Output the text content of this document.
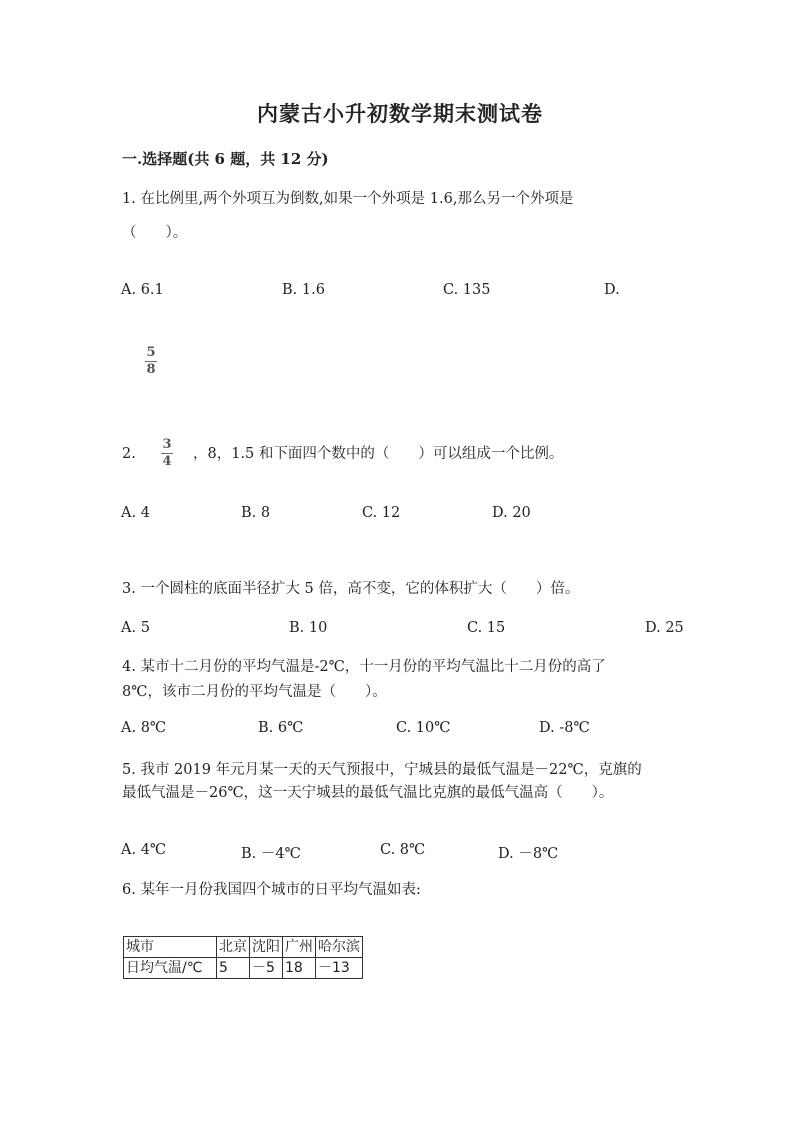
内蒙古小升初数学期末测试卷
一.选择题(共 6 题，共 12 分)
1. 在比例里,两个外项互为倒数,如果一个外项是 1.6,那么另一个外项是
（　　）。
A. 6.1	B. 1.6	C. 135	D.
5
8
2.
3
4 ，8，1.5 和下面四个数中的（　　）可以组成一个比例。
A. 4	B. 8	C. 12	D. 20
3. 一个圆柱的底面半径扩大 5 倍，高不变，它的体积扩大（　　）倍。
A. 5	B. 10	C. 15	D. 25
4. 某市十二月份的平均气温是-2℃，十一月份的平均气温比十二月份的高了
8℃，该市二月份的平均气温是（　　）。
A. 8℃	B. 6℃	C. 10℃	D. -8℃
5. 我市 2019 年元月某一天的天气预报中，宁城县的最低气温是－22℃，克旗的
最低气温是－26℃，这一天宁城县的最低气温比克旗的最低气温高（　　）。
A. 4℃	B. －4℃	C. 8℃	D. －8℃
6. 某年一月份我国四个城市的日平均气温如表:
城市	北京	沈阳	广州	哈尔滨
日均气温/℃	5	－5	18	－13
